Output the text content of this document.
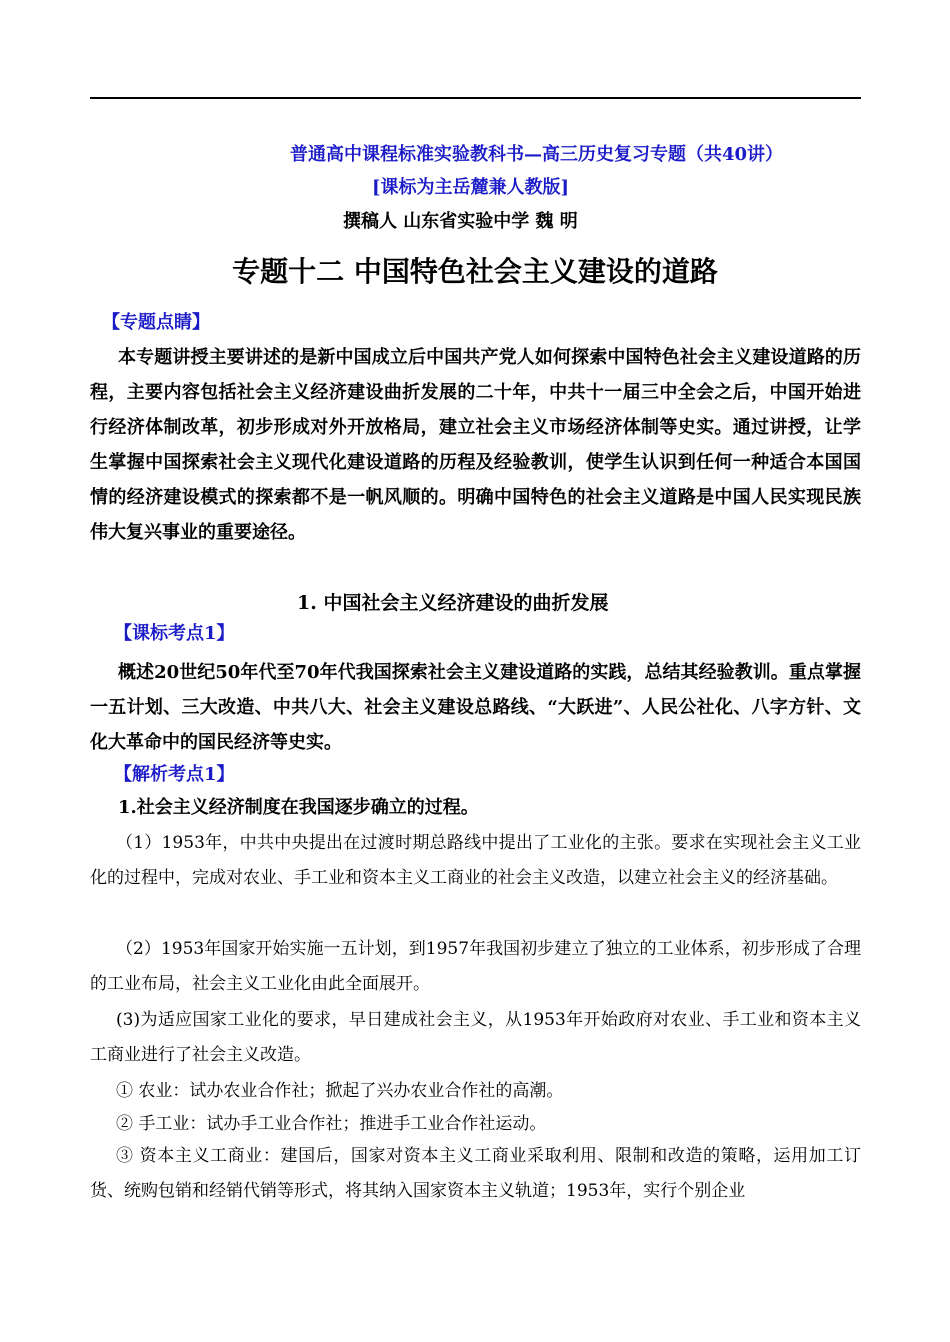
普通高中课程标准实验教科书—高三历史复习专题（共40讲）
[课标为主岳麓兼人教版]
撰稿人 山东省实验中学 魏 明
专题十二 中国特色社会主义建设的道路
【专题点睛】
本专题讲授主要讲述的是新中国成立后中国共产党人如何探索中国特色社会主义建设道路的历程，主要内容包括社会主义经济建设曲折发展的二十年，中共十一届三中全会之后，中国开始进行经济体制改革，初步形成对外开放格局，建立社会主义市场经济体制等史实。通过讲授，让学生掌握中国探索社会主义现代化建设道路的历程及经验教训，使学生认识到任何一种适合本国国情的经济建设模式的探索都不是一帆风顺的。明确中国特色的社会主义道路是中国人民实现民族伟大复兴事业的重要途径。
1. 中国社会主义经济建设的曲折发展
【课标考点1】
概述20世纪50年代至70年代我国探索社会主义建设道路的实践，总结其经验教训。重点掌握一五计划、三大改造、中共八大、社会主义建设总路线、“大跃进”、人民公社化、八字方针、文化大革命中的国民经济等史实。
【解析考点1】
1.社会主义经济制度在我国逐步确立的过程。
（1）1953年，中共中央提出在过渡时期总路线中提出了工业化的主张。要求在实现社会主义工业化的过程中，完成对农业、手工业和资本主义工商业的社会主义改造，以建立社会主义的经济基础。
（2）1953年国家开始实施一五计划，到1957年我国初步建立了独立的工业体系，初步形成了合理的工业布局，社会主义工业化由此全面展开。
(3)为适应国家工业化的要求，早日建成社会主义，从1953年开始政府对农业、手工业和资本主义工商业进行了社会主义改造。
① 农业：试办农业合作社；掀起了兴办农业合作社的高潮。
② 手工业：试办手工业合作社；推进手工业合作社运动。
③ 资本主义工商业：建国后，国家对资本主义工商业采取利用、限制和改造的策略，运用加工订货、统购包销和经销代销等形式，将其纳入国家资本主义轨道；1953年，实行个别企业
